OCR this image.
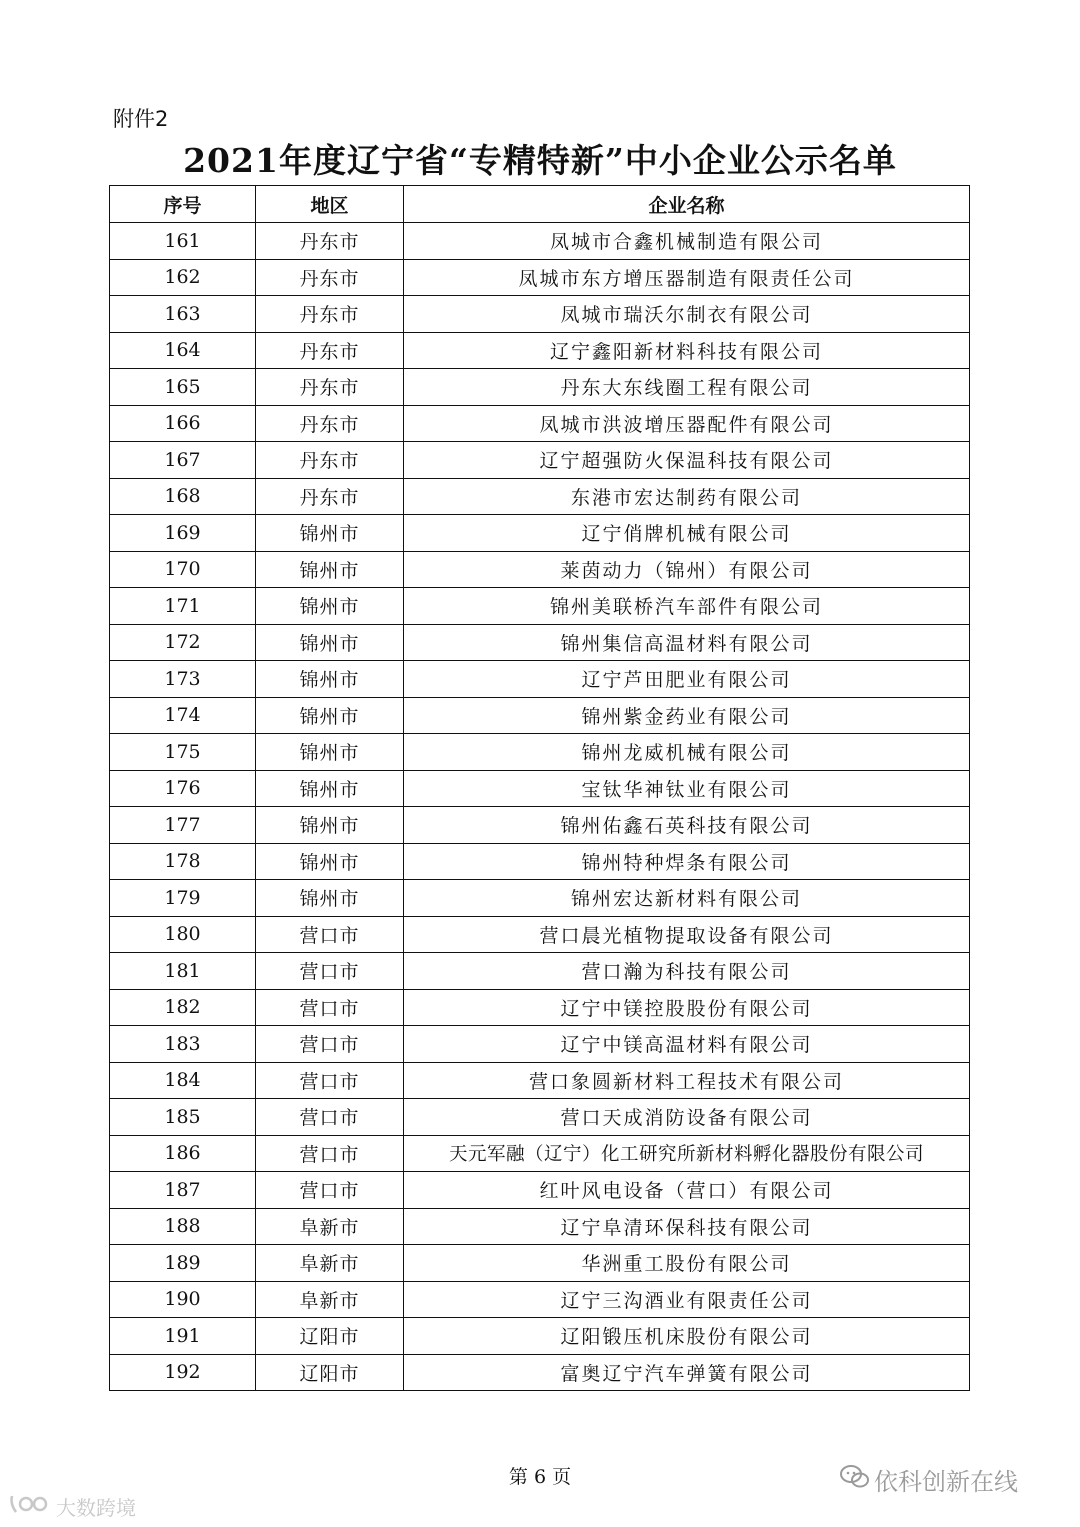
附件2
2021年度辽宁省“专精特新”中小企业公示名单
序号	地区	企业名称
161	丹东市	凤城市合鑫机械制造有限公司
162	丹东市	凤城市东方增压器制造有限责任公司
163	丹东市	凤城市瑞沃尔制衣有限公司
164	丹东市	辽宁鑫阳新材料科技有限公司
165	丹东市	丹东大东线圈工程有限公司
166	丹东市	凤城市洪波增压器配件有限公司
167	丹东市	辽宁超强防火保温科技有限公司
168	丹东市	东港市宏达制药有限公司
169	锦州市	辽宁俏牌机械有限公司
170	锦州市	莱茵动力（锦州）有限公司
171	锦州市	锦州美联桥汽车部件有限公司
172	锦州市	锦州集信高温材料有限公司
173	锦州市	辽宁芦田肥业有限公司
174	锦州市	锦州紫金药业有限公司
175	锦州市	锦州龙威机械有限公司
176	锦州市	宝钛华神钛业有限公司
177	锦州市	锦州佑鑫石英科技有限公司
178	锦州市	锦州特种焊条有限公司
179	锦州市	锦州宏达新材料有限公司
180	营口市	营口晨光植物提取设备有限公司
181	营口市	营口瀚为科技有限公司
182	营口市	辽宁中镁控股股份有限公司
183	营口市	辽宁中镁高温材料有限公司
184	营口市	营口象圆新材料工程技术有限公司
185	营口市	营口天成消防设备有限公司
186	营口市	天元军融（辽宁）化工研究所新材料孵化器股份有限公司
187	营口市	红叶风电设备（营口）有限公司
188	阜新市	辽宁阜清环保科技有限公司
189	阜新市	华洲重工股份有限公司
190	阜新市	辽宁三沟酒业有限责任公司
191	辽阳市	辽阳锻压机床股份有限公司
192	辽阳市	富奥辽宁汽车弹簧有限公司
第 6 页	依科创新在线
大数跨境
